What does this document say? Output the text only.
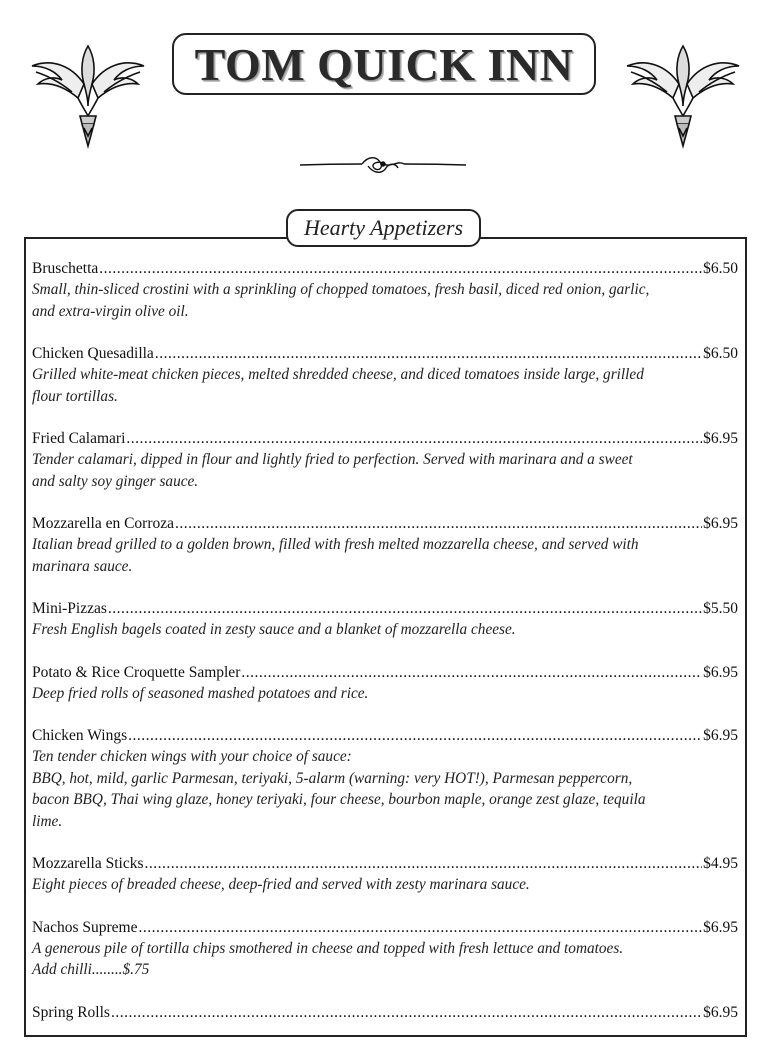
TOM QUICK INN
Hearty Appetizers
Bruschetta .....	$6.50

Small, thin-sliced crostini with a sprinkling of chopped tomatoes, fresh basil, diced red onion, garlic,

and extra-virgin olive oil.

Chicken Quesadilla .....	$6.50

Grilled white-meat chicken pieces, melted shredded cheese, and diced tomatoes inside large, grilled

flour tortillas.

Fried Calamari .....	$6.95

Tender calamari, dipped in flour and lightly fried to perfection. Served with marinara and a sweet

and salty soy ginger sauce.

Mozzarella en Corroza .....	$6.95

Italian bread grilled to a golden brown, filled with fresh melted mozzarella cheese, and served with

marinara sauce.

Mini-Pizzas .....	$5.50

Fresh English bagels coated in zesty sauce and a blanket of mozzarella cheese.

Potato & Rice Croquette Sampler .....	$6.95

Deep fried rolls of seasoned mashed potatoes and rice.

Chicken Wings .....	$6.95

Ten tender chicken wings with your choice of sauce:

BBQ, hot, mild, garlic Parmesan, teriyaki, 5-alarm (warning: very HOT!), Parmesan peppercorn,

bacon BBQ, Thai wing glaze, honey teriyaki, four cheese, bourbon maple, orange zest glaze, tequila

lime.

Mozzarella Sticks .....	$4.95

Eight pieces of breaded cheese, deep-fried and served with zesty marinara sauce.

Nachos Supreme .....	$6.95

A generous pile of tortilla chips smothered in cheese and topped with fresh lettuce and tomatoes.

Add chilli........$.75

Spring Rolls .....	$6.95
